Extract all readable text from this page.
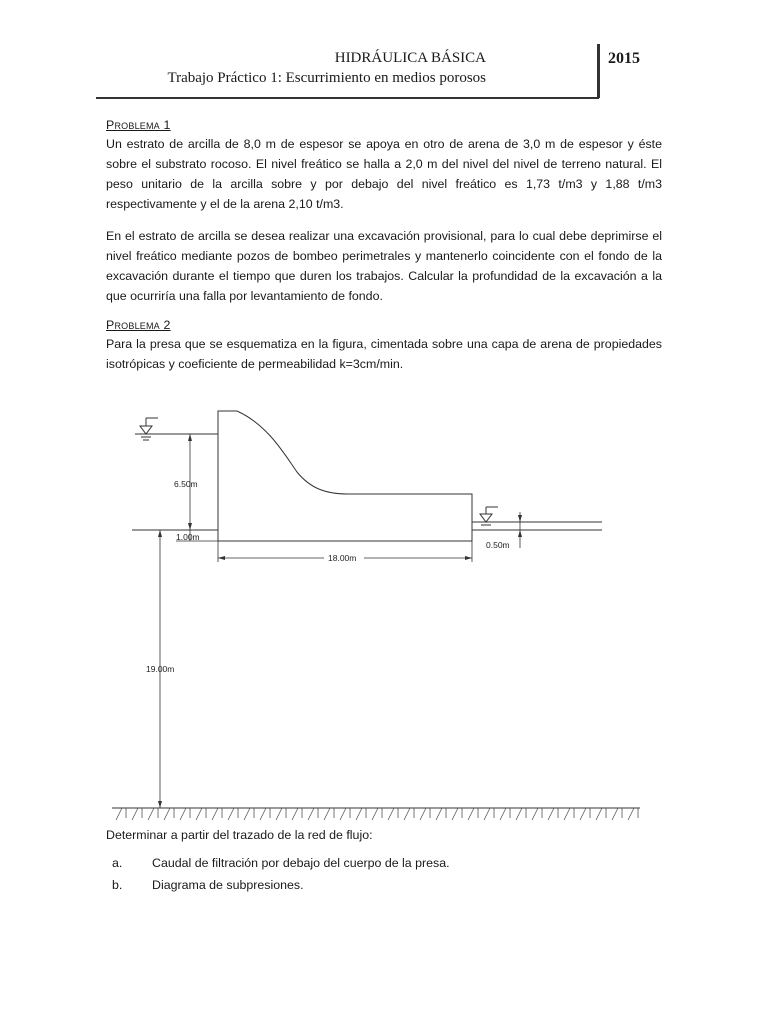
HIDRÁULICA BÁSICA
Trabajo Práctico 1: Escurrimiento en medios porosos
2015
Problema 1

Un estrato de arcilla de 8,0 m de espesor se apoya en otro de arena de 3,0 m de espesor y éste sobre el substrato rocoso. El nivel freático se halla a 2,0 m del nivel del nivel de terreno natural. El peso unitario de la arcilla sobre y por debajo del nivel freático es 1,73 t/m3 y 1,88 t/m3 respectivamente y el de la arena 2,10 t/m3.

En el estrato de arcilla se desea realizar una excavación provisional, para lo cual debe deprimirse el nivel freático mediante pozos de bombeo perimetrales y mantenerlo coincidente con el fondo de la excavación durante el tiempo que duren los trabajos. Calcular la profundidad de la excavación a la que ocurriría una falla por levantamiento de fondo.

Problema 2

Para la presa que se esquematiza en la figura, cimentada sobre una capa de arena de propiedades isotrópicas y coeficiente de permeabilidad k=3cm/min.

6.50m
1.00m
18.00m
0.50m
19.00m
Determinar a partir del trazado de la red de flujo:
a.	Caudal de filtración por debajo del cuerpo de la presa.
b.	Diagrama de subpresiones.
